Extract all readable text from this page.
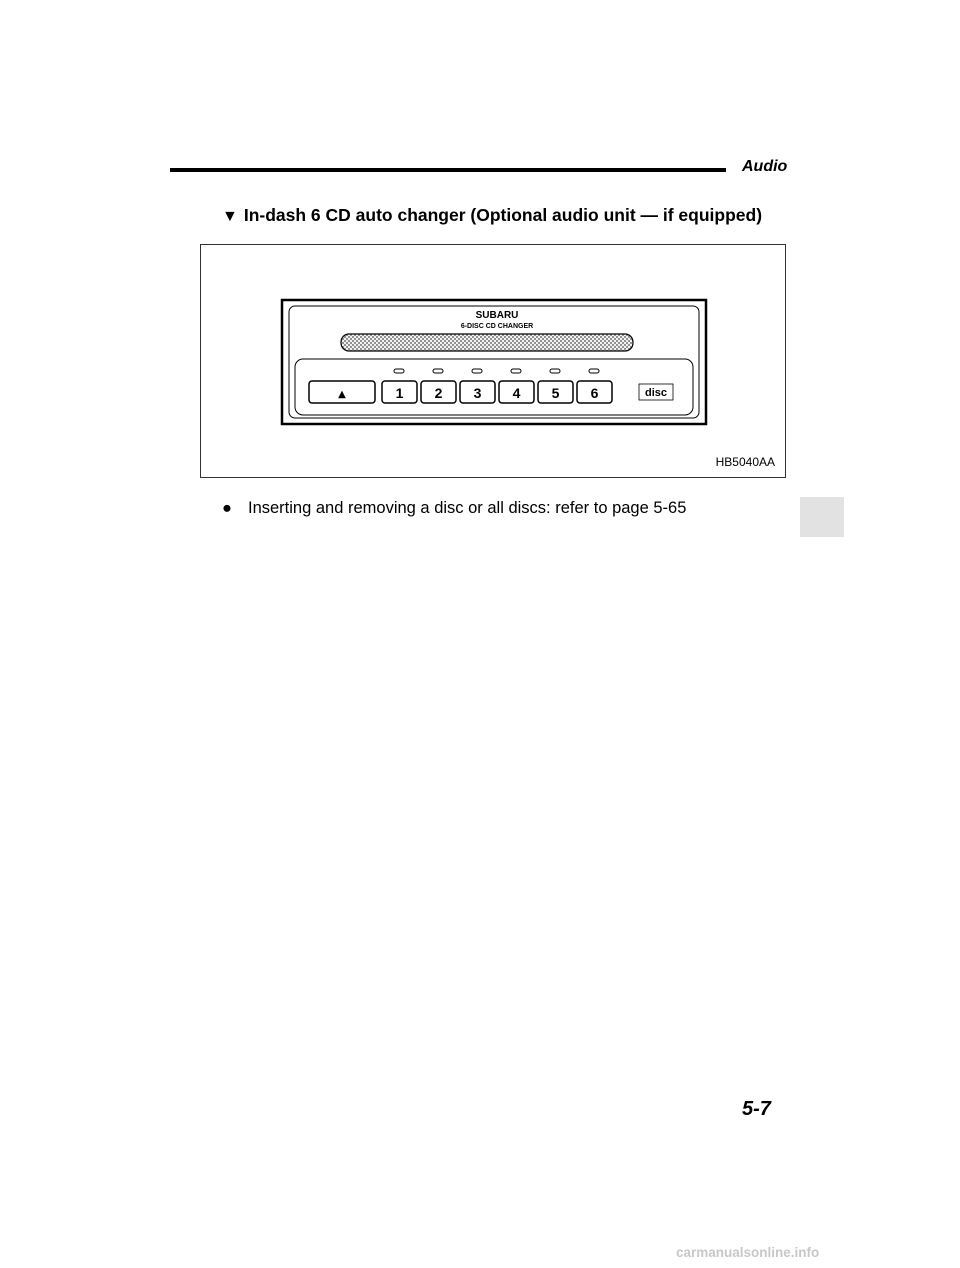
Audio
▼ In-dash 6 CD auto changer (Optional audio unit — if equipped)
SUBARU
6-DISC CD CHANGER
▲	1 2 3 4 5 6	disc
HB5040AA
● Inserting and removing a disc or all discs: refer to page 5-65
5-7
carmanualsonline.info
